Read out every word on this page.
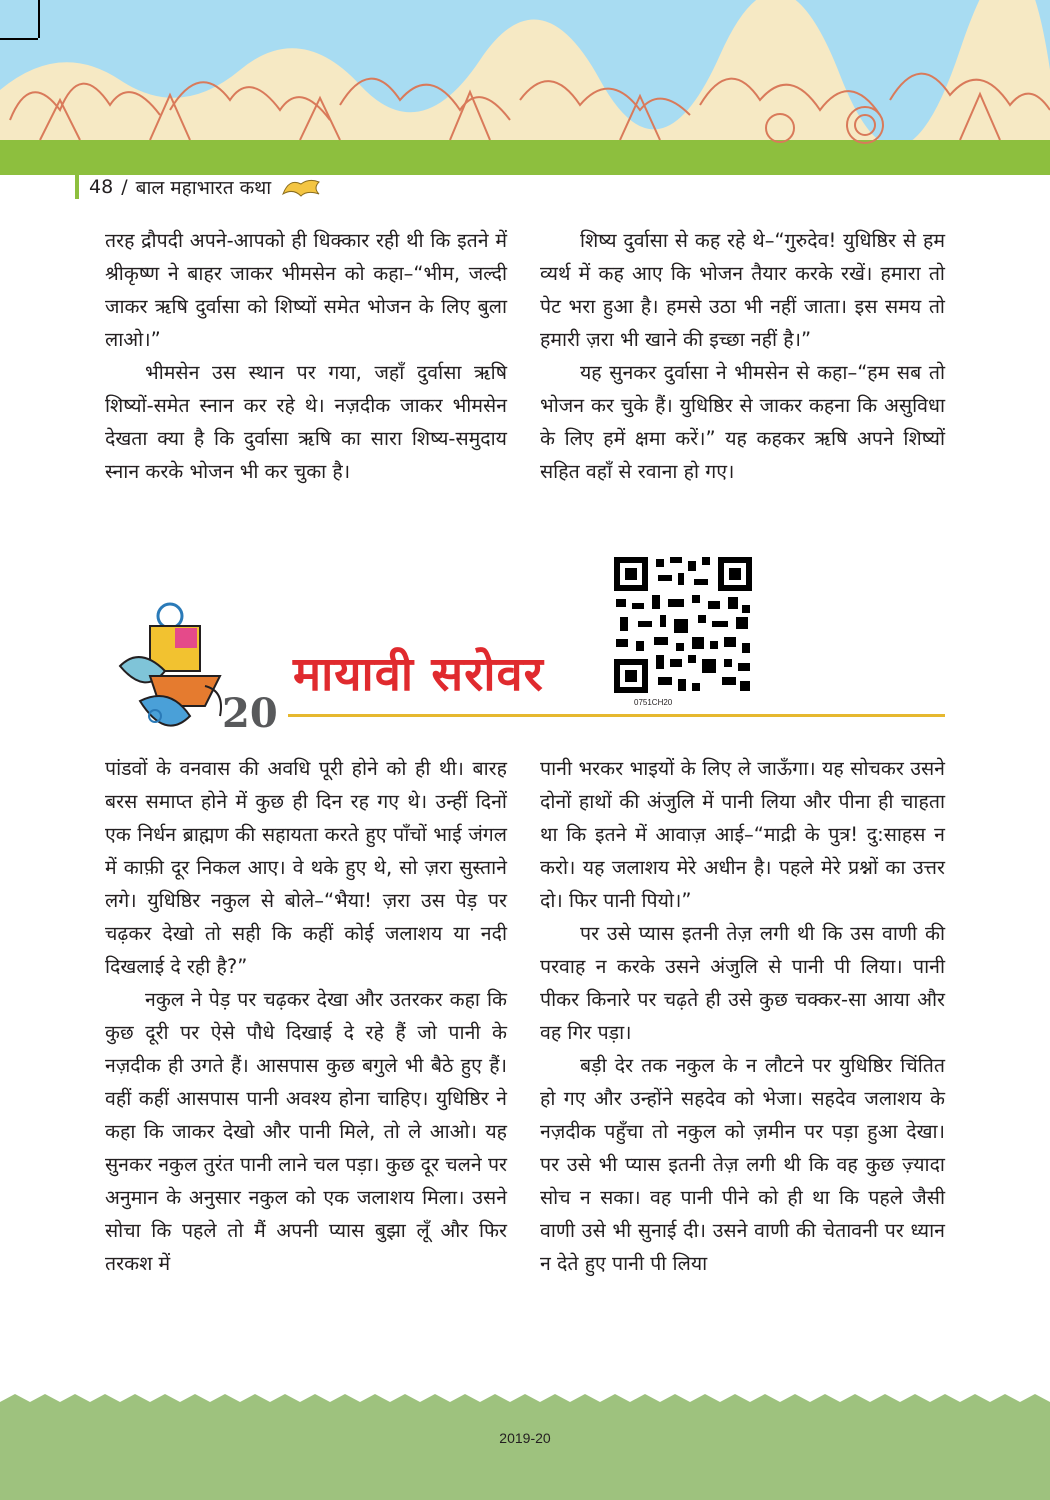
48 / बाल महाभारत कथा

तरह द्रौपदी अपने-आपको ही धिक्कार रही थी कि इतने में श्रीकृष्ण ने बाहर जाकर भीमसेन को कहा–“भीम, जल्दी जाकर ऋषि दुर्वासा को शिष्यों समेत भोजन के लिए बुला लाओ।”

भीमसेन उस स्थान पर गया, जहाँ दुर्वासा ऋषि शिष्यों-समेत स्नान कर रहे थे। नज़दीक जाकर भीमसेन देखता क्या है कि दुर्वासा ऋषि का सारा शिष्य-समुदाय स्नान करके भोजन भी कर चुका है।

शिष्य दुर्वासा से कह रहे थे–“गुरुदेव! युधिष्ठिर से हम व्यर्थ में कह आए कि भोजन तैयार करके रखें। हमारा तो पेट भरा हुआ है। हमसे उठा भी नहीं जाता। इस समय तो हमारी ज़रा भी खाने की इच्छा नहीं है।”

यह सुनकर दुर्वासा ने भीमसेन से कहा–“हम सब तो भोजन कर चुके हैं। युधिष्ठिर से जाकर कहना कि असुविधा के लिए हमें क्षमा करें।” यह कहकर ऋषि अपने शिष्यों सहित वहाँ से रवाना हो गए।

मायावी सरोवर
20	0751CH20

पांडवों के वनवास की अवधि पूरी होने को ही थी। बारह बरस समाप्त होने में कुछ ही दिन रह गए थे। उन्हीं दिनों एक निर्धन ब्राह्मण की सहायता करते हुए पाँचों भाई जंगल में काफ़ी दूर निकल आए। वे थके हुए थे, सो ज़रा सुस्ताने लगे। युधिष्ठिर नकुल से बोले–“भैया! ज़रा उस पेड़ पर चढ़कर देखो तो सही कि कहीं कोई जलाशय या नदी दिखलाई दे रही है?”

नकुल ने पेड़ पर चढ़कर देखा और उतरकर कहा कि कुछ दूरी पर ऐसे पौधे दिखाई दे रहे हैं जो पानी के नज़दीक ही उगते हैं। आसपास कुछ बगुले भी बैठे हुए हैं। वहीं कहीं आसपास पानी अवश्य होना चाहिए। युधिष्ठिर ने कहा कि जाकर देखो और पानी मिले, तो ले आओ। यह सुनकर नकुल तुरंत पानी लाने चल पड़ा। कुछ दूर चलने पर अनुमान के अनुसार नकुल को एक जलाशय मिला। उसने सोचा कि पहले तो मैं अपनी प्यास बुझा लूँ और फिर तरकश में

पानी भरकर भाइयों के लिए ले जाऊँगा। यह सोचकर उसने दोनों हाथों की अंजुलि में पानी लिया और पीना ही चाहता था कि इतने में आवाज़ आई–“माद्री के पुत्र! दु:साहस न करो। यह जलाशय मेरे अधीन है। पहले मेरे प्रश्नों का उत्तर दो। फिर पानी पियो।”

पर उसे प्यास इतनी तेज़ लगी थी कि उस वाणी की परवाह न करके उसने अंजुलि से पानी पी लिया। पानी पीकर किनारे पर चढ़ते ही उसे कुछ चक्कर-सा आया और वह गिर पड़ा।

बड़ी देर तक नकुल के न लौटने पर युधिष्ठिर चिंतित हो गए और उन्होंने सहदेव को भेजा। सहदेव जलाशय के नज़दीक पहुँचा तो नकुल को ज़मीन पर पड़ा हुआ देखा। पर उसे भी प्यास इतनी तेज़ लगी थी कि वह कुछ ज़्यादा सोच न सका। वह पानी पीने को ही था कि पहले जैसी वाणी उसे भी सुनाई दी। उसने वाणी की चेतावनी पर ध्यान न देते हुए पानी पी लिया

2019-20
